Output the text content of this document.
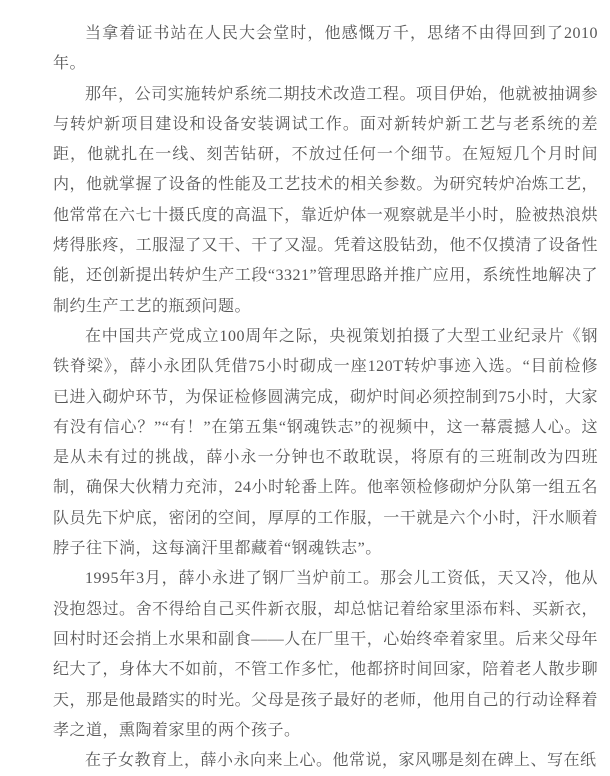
当拿着证书站在人民大会堂时，他感慨万千，思绪不由得回到了2010年。

那年，公司实施转炉系统二期技术改造工程。项目伊始，他就被抽调参与转炉新项目建设和设备安装调试工作。面对新转炉新工艺与老系统的差距，他就扎在一线、刻苦钻研，不放过任何一个细节。在短短几个月时间内，他就掌握了设备的性能及工艺技术的相关参数。为研究转炉冶炼工艺，他常常在六七十摄氏度的高温下，靠近炉体一观察就是半小时，脸被热浪烘烤得胀疼，工服湿了又干、干了又湿。凭着这股钻劲，他不仅摸清了设备性能，还创新提出转炉生产工段“3321”管理思路并推广应用，系统性地解决了制约生产工艺的瓶颈问题。

在中国共产党成立100周年之际，央视策划拍摄了大型工业纪录片《钢铁脊梁》，薛小永团队凭借75小时砌成一座120T转炉事迹入选。“目前检修已进入砌炉环节，为保证检修圆满完成，砌炉时间必须控制到75小时，大家有没有信心？”“有！”在第五集“钢魂铁志”的视频中，这一幕震撼人心。这是从未有过的挑战，薛小永一分钟也不敢耽误，将原有的三班制改为四班制，确保大伙精力充沛，24小时轮番上阵。他率领检修砌炉分队第一组五名队员先下炉底，密闭的空间，厚厚的工作服，一干就是六个小时，汗水顺着脖子往下淌，这每滴汗里都藏着“钢魂铁志”。

1995年3月，薛小永进了钢厂当炉前工。那会儿工资低，天又冷，他从没抱怨过。舍不得给自己买件新衣服，却总惦记着给家里添布料、买新衣，回村时还会捎上水果和副食——人在厂里干，心始终牵着家里。后来父母年纪大了，身体大不如前，不管工作多忙，他都挤时间回家，陪着老人散步聊天，那是他最踏实的时光。父母是孩子最好的老师，他用自己的行动诠释着孝之道，熏陶着家里的两个孩子。

在子女教育上，薛小永向来上心。他常说，家风哪是刻在碑上、写在纸
